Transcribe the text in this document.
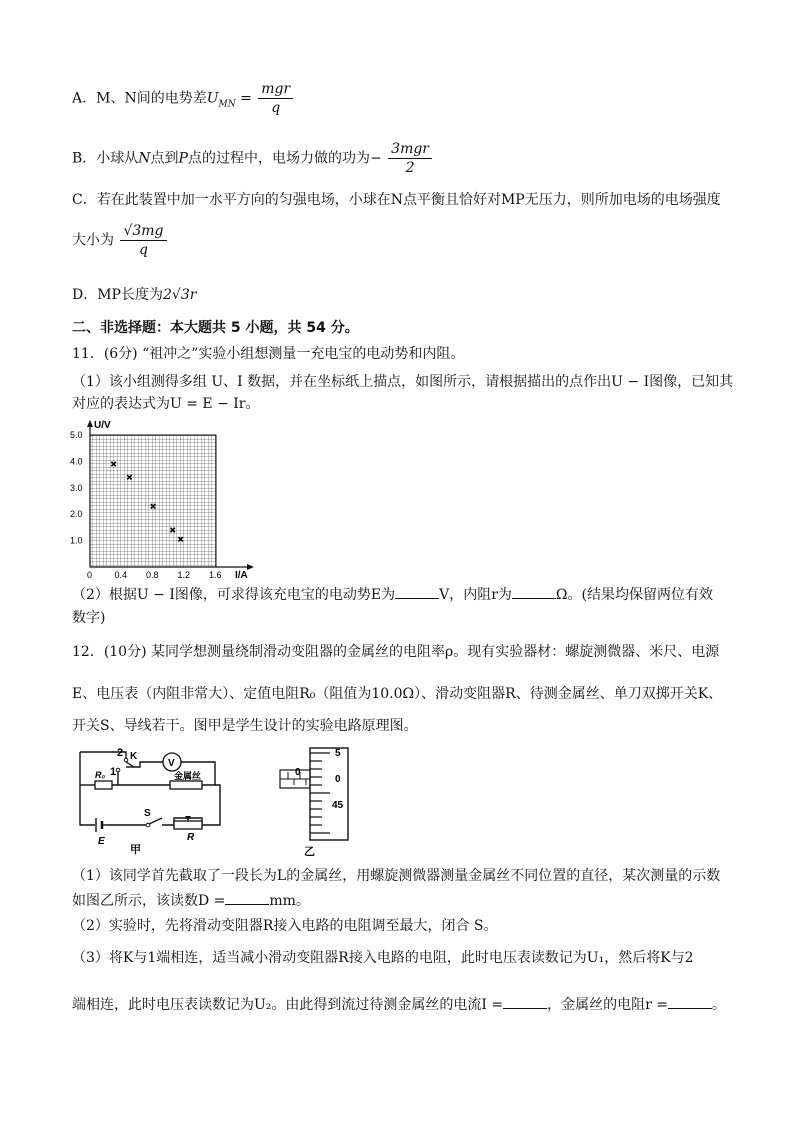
A．M、N间的电势差$U_{MN} = \frac{\text{mgr}}{q}$
B．小球从N点到P点的过程中，电场力做的功为− $\frac{\text{3mgr}}{2}$
C．若在此装置中加一水平方向的匀强电场，小球在N点平衡且恰好对MP无压力，则所加电场的电场强度
大小为 $\frac{√3mg}{q}$
D．MP长度为2√3r
二、非选择题：本大题共 5 小题，共 54 分。
11．(6分) “祖冲之”实验小组想测量一充电宝的电动势和内阻。
（1）该小组测得多组 U、I 数据，并在坐标纸上描点，如图所示，请根据描出的点作出U − I图像，已知其
对应的表达式为U = E − Ir。
U/V
I/A
0
1.0
2.0
3.0
4.0
5.0
0.4 0.8 1.2 1.6
（2）根据U − I图像，可求得该充电宝的电动势E为	V，内阻r为	Ω。(结果均保留两位有效
数字)
12．(10分) 某同学想测量绕制滑动变阻器的金属丝的电阻率ρ。现有实验器材：螺旋测微器、米尺、电源
E、电压表（内阻非常大）、定值电阻R₀（阻值为10.0Ω）、滑动变阻器R、待测金属丝、单刀双掷开关K、
开关S、导线若干。图甲是学生设计的实验电路原理图。
2
1
K
V
R₀	金属丝
S
E	R
甲
0
5
0
45
乙
（1）该同学首先截取了一段长为L的金属丝，用螺旋测微器测量金属丝不同位置的直径，某次测量的示数
如图乙所示，该读数D =	mm。
（2）实验时，先将滑动变阻器R接入电路的电阻调至最大，闭合 S。
（3）将K与1端相连，适当减小滑动变阻器R接入电路的电阻，此时电压表读数记为U₁，然后将K与2
端相连，此时电压表读数记为U₂。由此得到流过待测金属丝的电流I =	，金属丝的电阻r =	。
